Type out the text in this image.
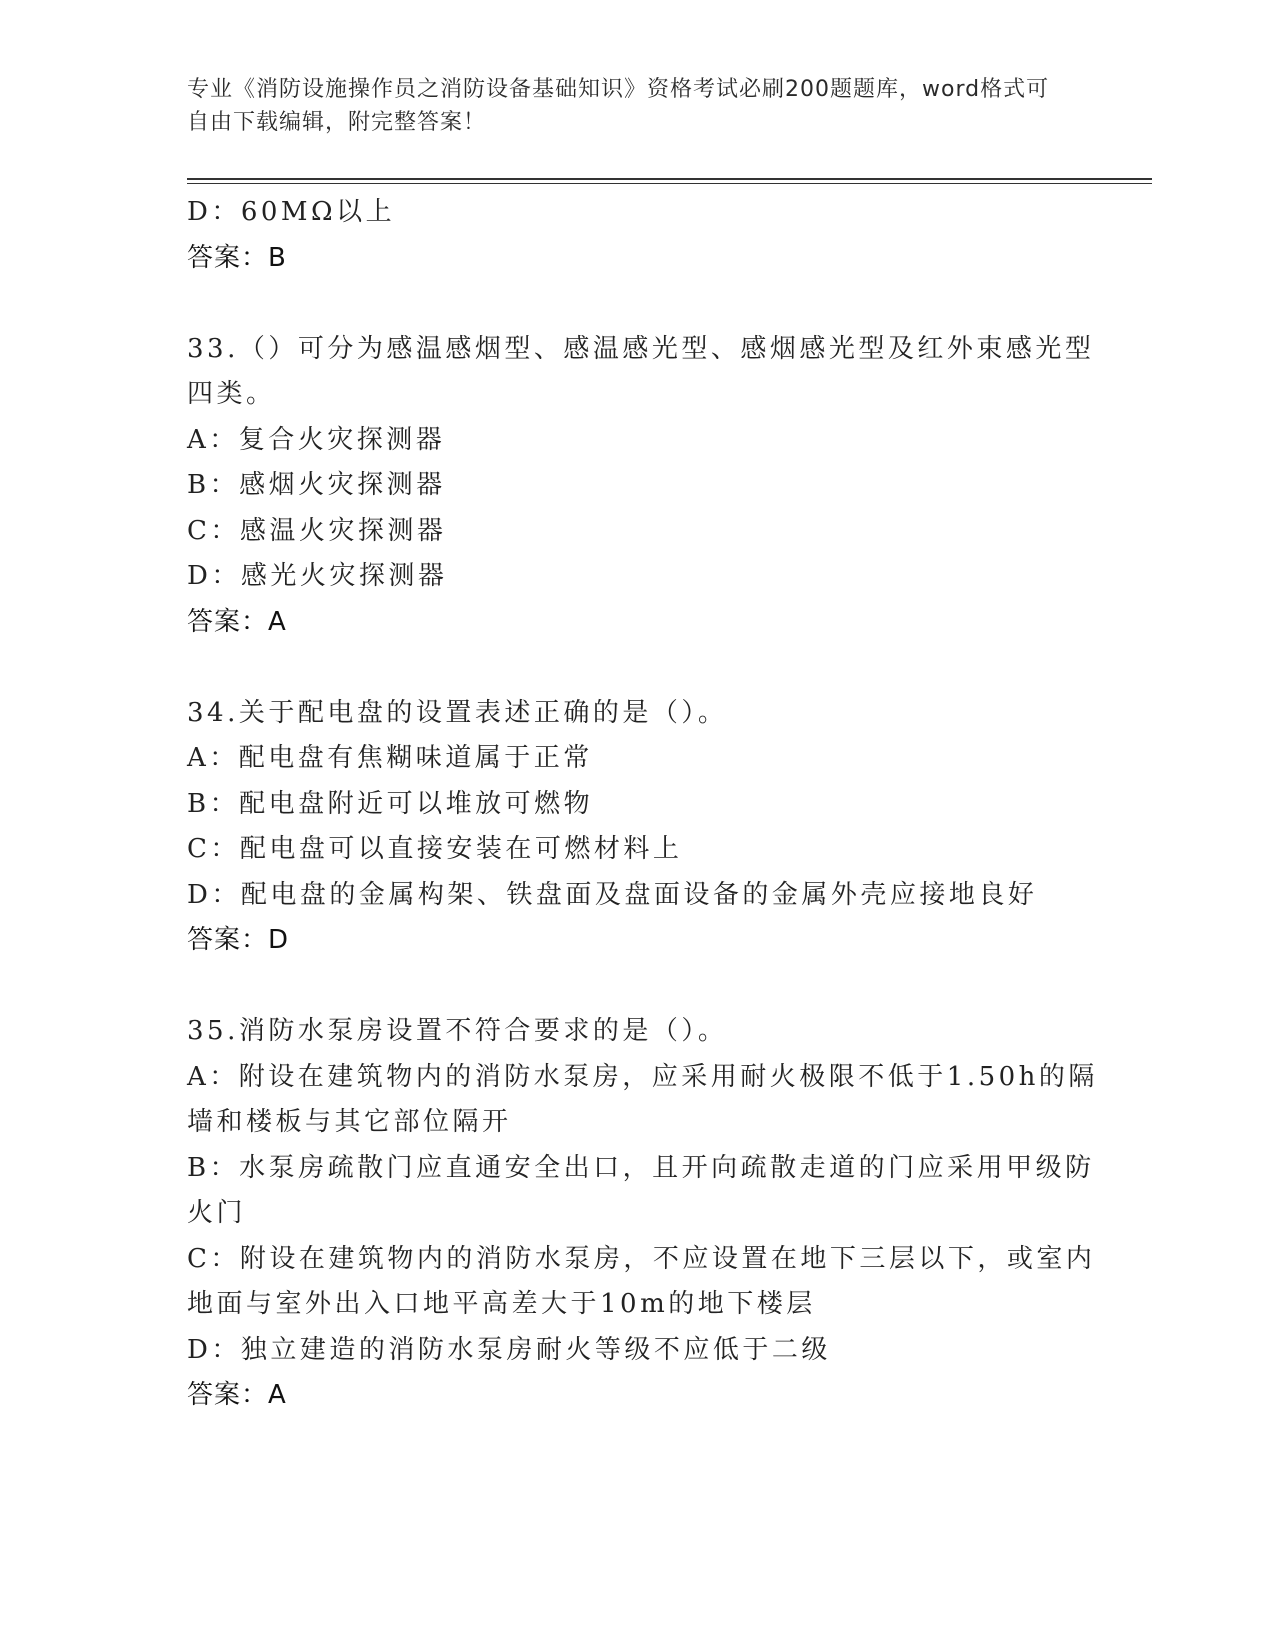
专业《消防设施操作员之消防设备基础知识》资格考试必刷200题题库，word格式可自由下载编辑，附完整答案！
D：60MΩ以上
答案：B
33.（）可分为感温感烟型、感温感光型、感烟感光型及红外束感光型
四类。
A：复合火灾探测器
B：感烟火灾探测器
C：感温火灾探测器
D：感光火灾探测器
答案：A
34.关于配电盘的设置表述正确的是（）。
A：配电盘有焦糊味道属于正常
B：配电盘附近可以堆放可燃物
C：配电盘可以直接安装在可燃材料上
D：配电盘的金属构架、铁盘面及盘面设备的金属外壳应接地良好
答案：D
35.消防水泵房设置不符合要求的是（）。
A：附设在建筑物内的消防水泵房，应采用耐火极限不低于1.50h的隔
墙和楼板与其它部位隔开
B：水泵房疏散门应直通安全出口，且开向疏散走道的门应采用甲级防
火门
C：附设在建筑物内的消防水泵房，不应设置在地下三层以下，或室内
地面与室外出入口地平高差大于10m的地下楼层
D：独立建造的消防水泵房耐火等级不应低于二级
答案：A
